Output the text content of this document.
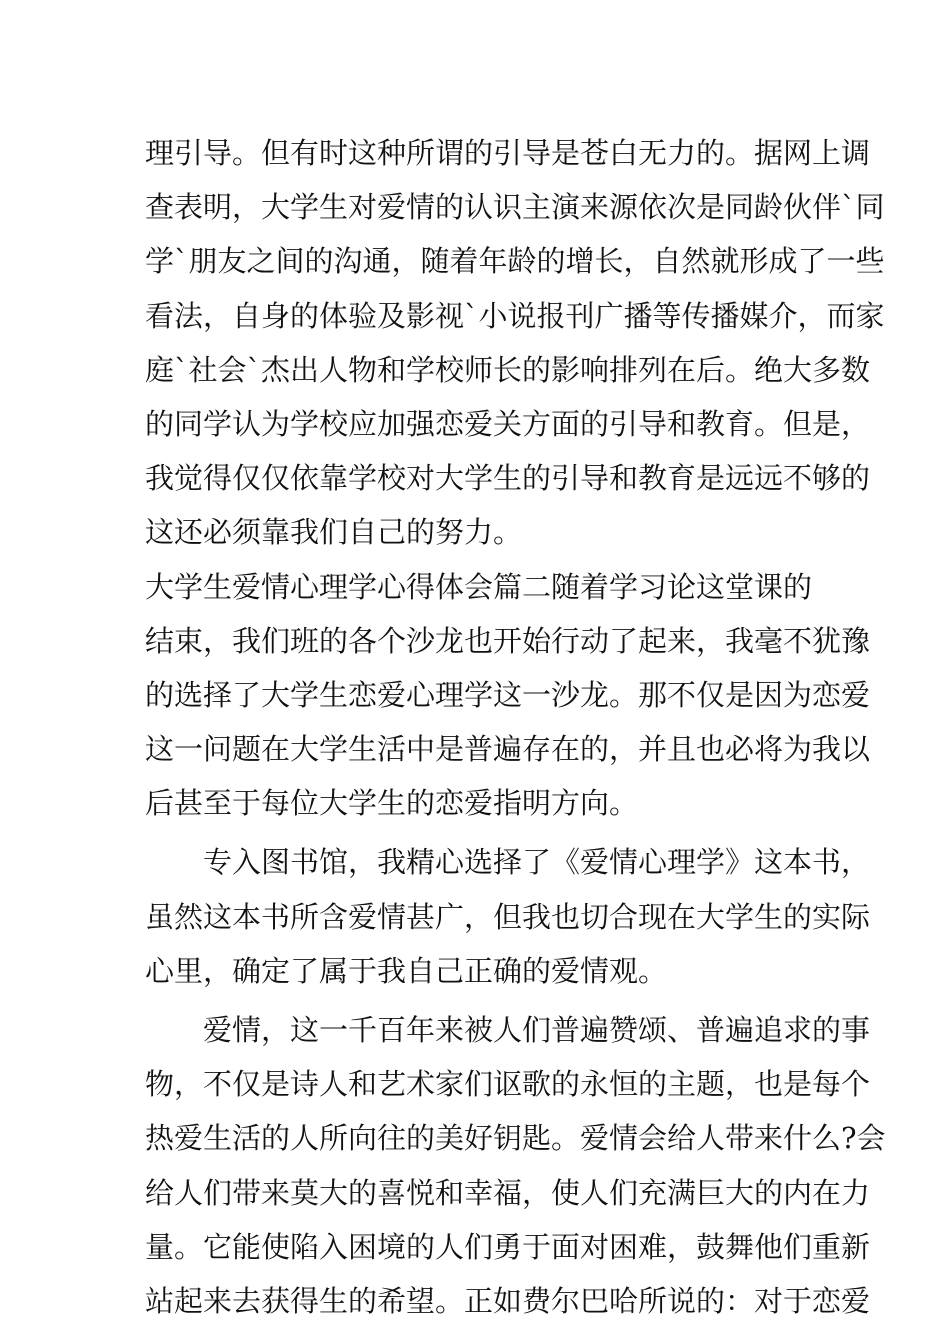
理引导。但有时这种所谓的引导是苍白无力的。据网上调
查表明，大学生对爱情的认识主演来源依次是同龄伙伴`同
学`朋友之间的沟通，随着年龄的增长，自然就形成了一些
看法，自身的体验及影视`小说报刊广播等传播媒介，而家
庭`社会`杰出人物和学校师长的影响排列在后。绝大多数
的同学认为学校应加强恋爱关方面的引导和教育。但是，
我觉得仅仅依靠学校对大学生的引导和教育是远远不够的
这还必须靠我们自己的努力。
大学生爱情心理学心得体会篇二 随着学习论这堂课的
结束，我们班的各个沙龙也开始行动了起来，我毫不犹豫
的选择了大学生恋爱心理学这一沙龙。那不仅是因为恋爱
这一问题在大学生活中是普遍存在的，并且也必将为我以
后甚至于每位大学生的恋爱指明方向。
专入图书馆，我精心选择了《爱情心理学》这本书，
虽然这本书所含爱情甚广，但我也切合现在大学生的实际
心里，确定了属于我自己正确的爱情观。
爱情，这一千百年来被人们普遍赞颂、普遍追求的事
物，不仅是诗人和艺术家们讴歌的永恒的主题，也是每个
热爱生活的人所向往的美好钥匙。爱情会给人带来什么?会
给人们带来莫大的喜悦和幸福，使人们充满巨大的内在力
量。它能使陷入困境的人们勇于面对困难，鼓舞他们重新
站起来去获得生的希望。正如费尔巴哈所说的：对于恋爱
